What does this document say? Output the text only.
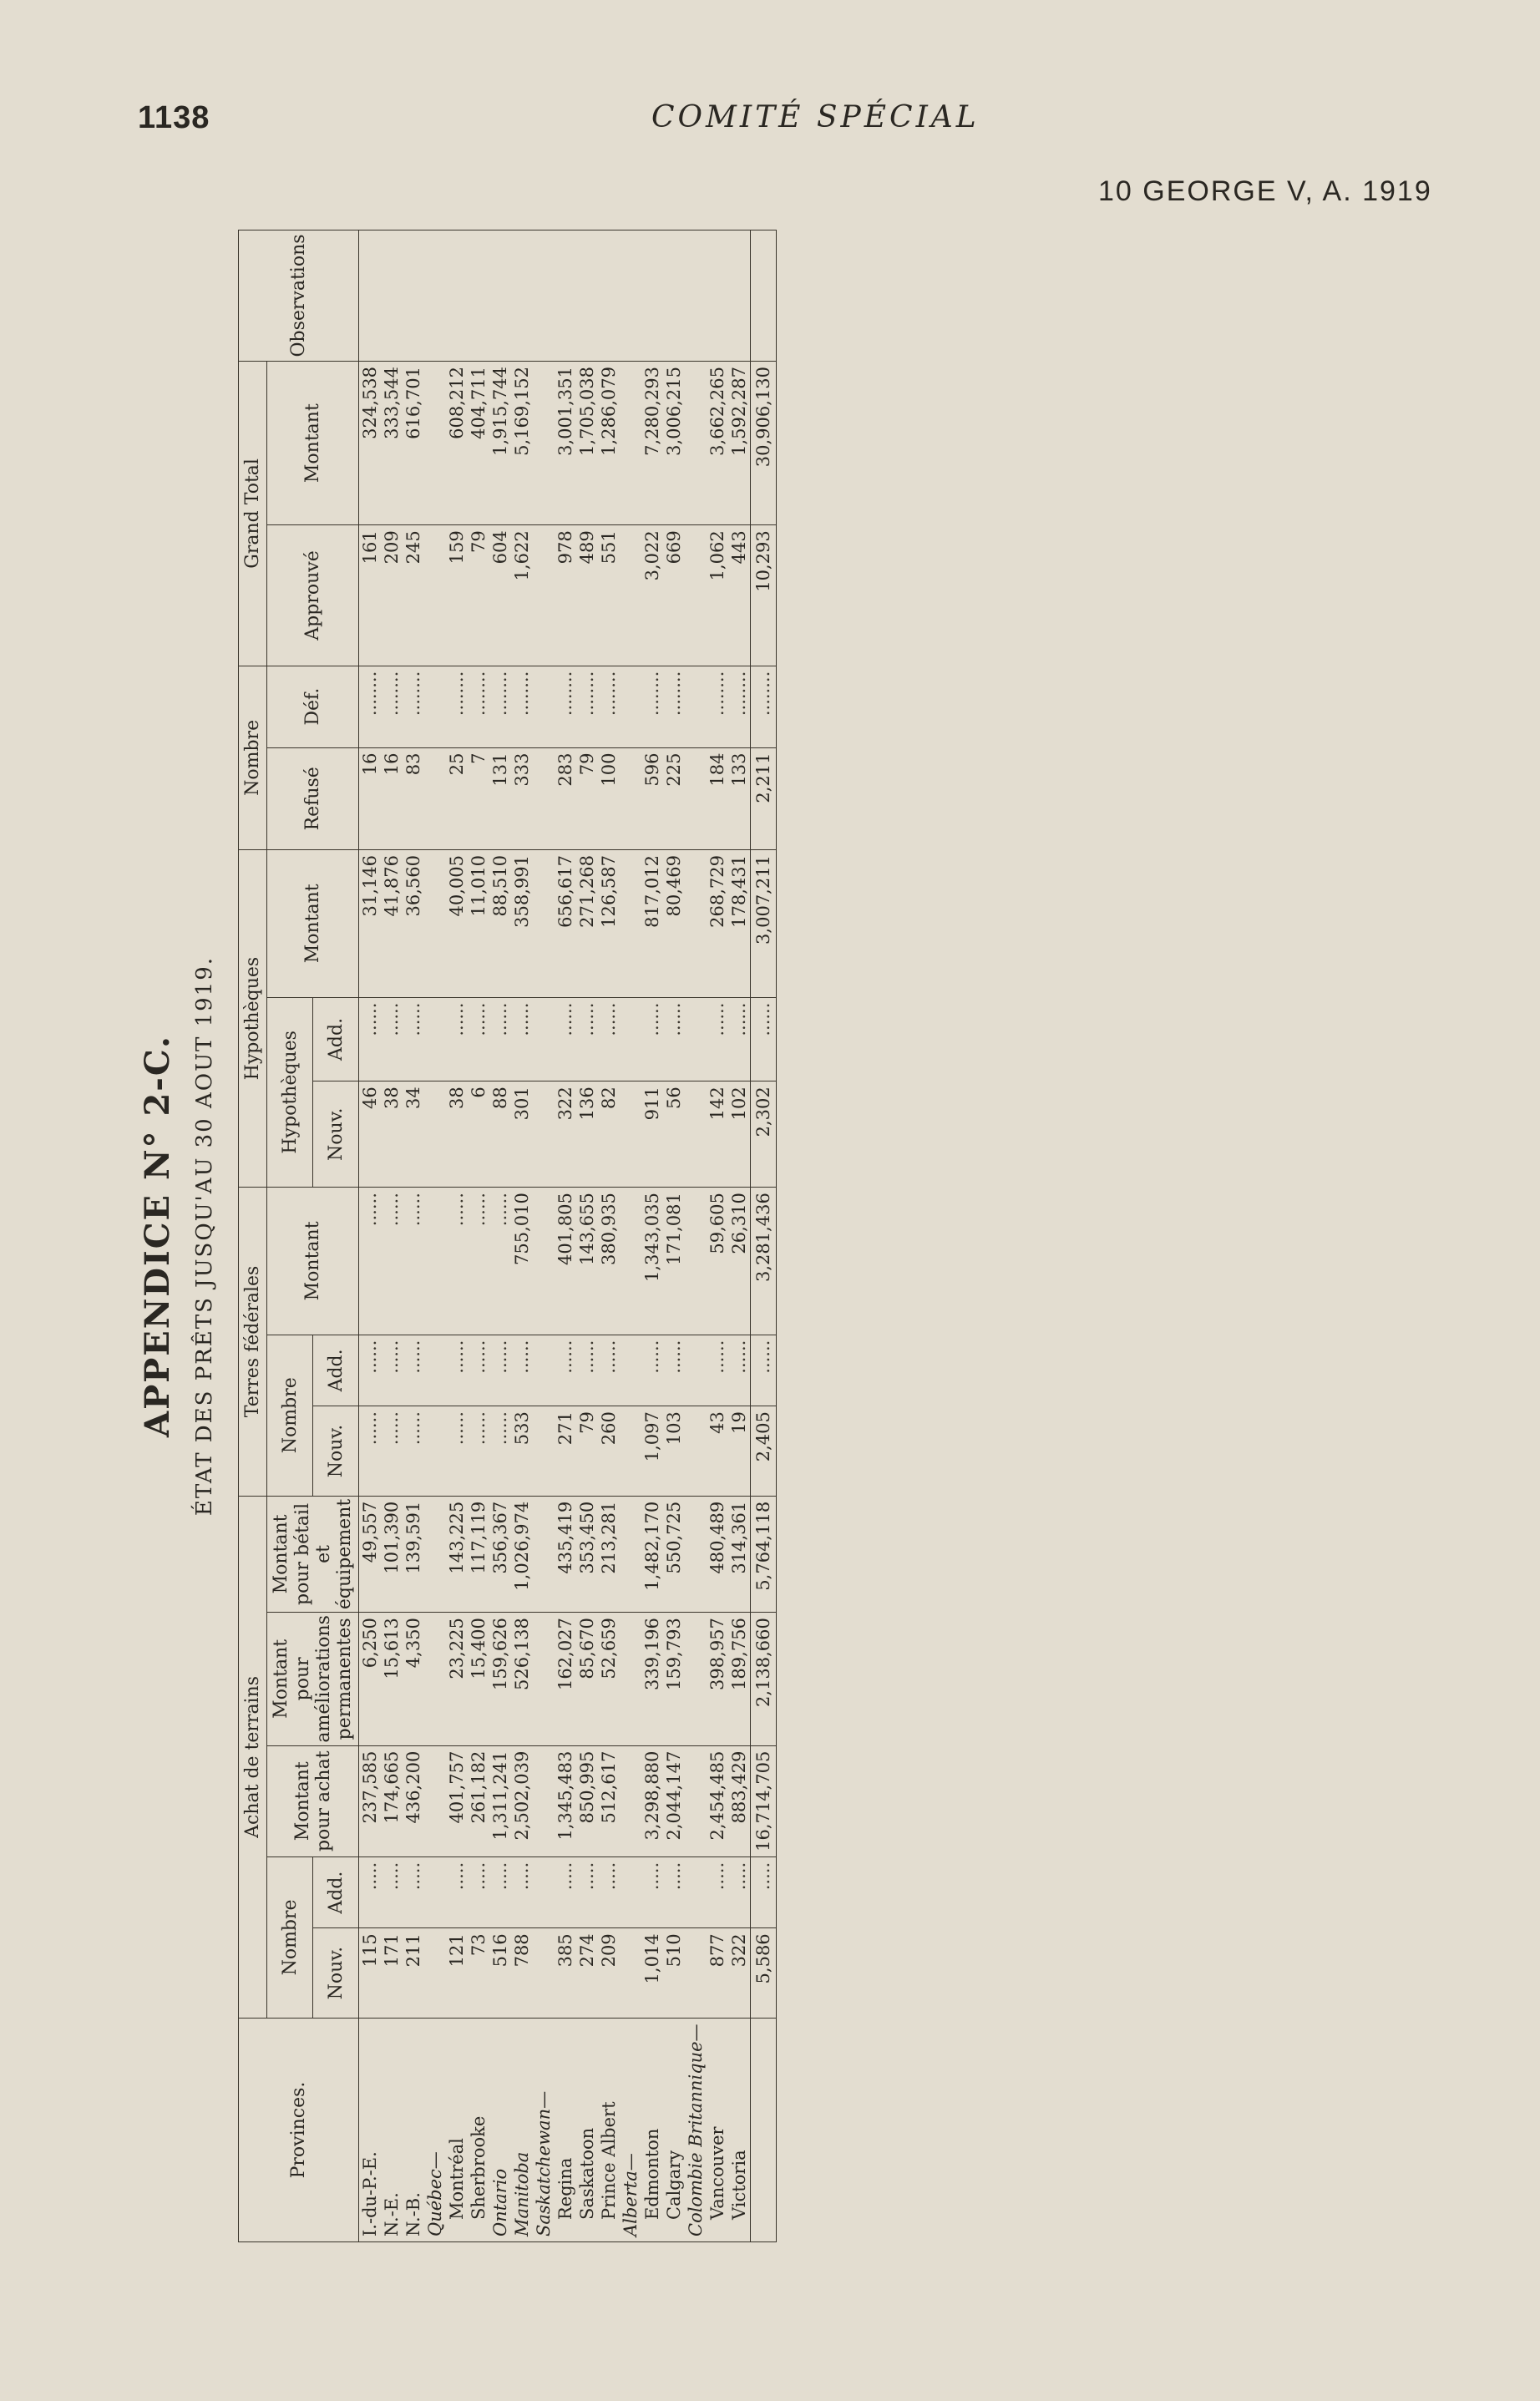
1138	COMITÉ SPÉCIAL
10 GEORGE V, A. 1919
APPENDICE N° 2-C. ÉTAT DES PRÊTS JUSQU'AU 30 AOUT 1919.
Provinces.	Achat de terrains					Terres fédérales			Hypothèques			Nombre		Grand Total		Observations
	Nombre		Montant pour achat	Montant pour améliorations permanentes	Montant pour bétail et équipement	Nombre		Montant	Hypothèques		Montant	Refusé	Déf.	Approuvé	Montant	
	Nouv.	Add.				Nouv.	Add.		Nouv.	Add.						
I.-du-P.-E.	115	.....	237,585	6,250	49,557	......	......	......	46	......	31,146	16	........	161	324,538	
N.-E.	171	.....	174,665	15,613	101,390	......	......	......	38	......	41,876	16	........	209	333,544	
N.-B.	211	.....	436,200	4,350	139,591	......	......	......	34	......	36,560	83	........	245	616,701	
Québec—																
Montréal	121	.....	401,757	23,225	143,225	......	......	......	38	......	40,005	25	........	159	608,212	
Sherbrooke	73	.....	261,182	15,400	117,119	......	......	......	6	......	11,010	7	........	79	404,711	
Ontario	516	.....	1,311,241	159,626	356,367	......	......	......	88	......	88,510	131	........	604	1,915,744	
Manitoba	788	.....	2,502,039	526,138	1,026,974	533	......	755,010	301	......	358,991	333	........	1,622	5,169,152	
Saskatchewan—																
Regina	385	.....	1,345,483	162,027	435,419	271	......	401,805	322	......	656,617	283	........	978	3,001,351	
Saskatoon	274	.....	850,995	85,670	353,450	79	......	143,655	136	......	271,268	79	........	489	1,705,038	
Prince Albert	209	.....	512,617	52,659	213,281	260	......	380,935	82	......	126,587	100	........	551	1,286,079	
Alberta—																
Edmonton	1,014	.....	3,298,880	339,196	1,482,170	1,097	......	1,343,035	911	......	817,012	596	........	3,022	7,280,293	
Calgary	510	.....	2,044,147	159,793	550,725	103	......	171,081	56	......	80,469	225	........	669	3,006,215	
Colombie Britannique—																
Vancouver	877	.....	2,454,485	398,957	480,489	43	......	59,605	142	......	268,729	184	........	1,062	3,662,265	
Victoria	322	.....	883,429	189,756	314,361	19	......	26,310	102	......	178,431	133	........	443	1,592,287	
	5,586	.....	16,714,705	2,138,660	5,764,118	2,405	......	3,281,436	2,302	......	3,007,211	2,211	........	10,293	30,906,130	
